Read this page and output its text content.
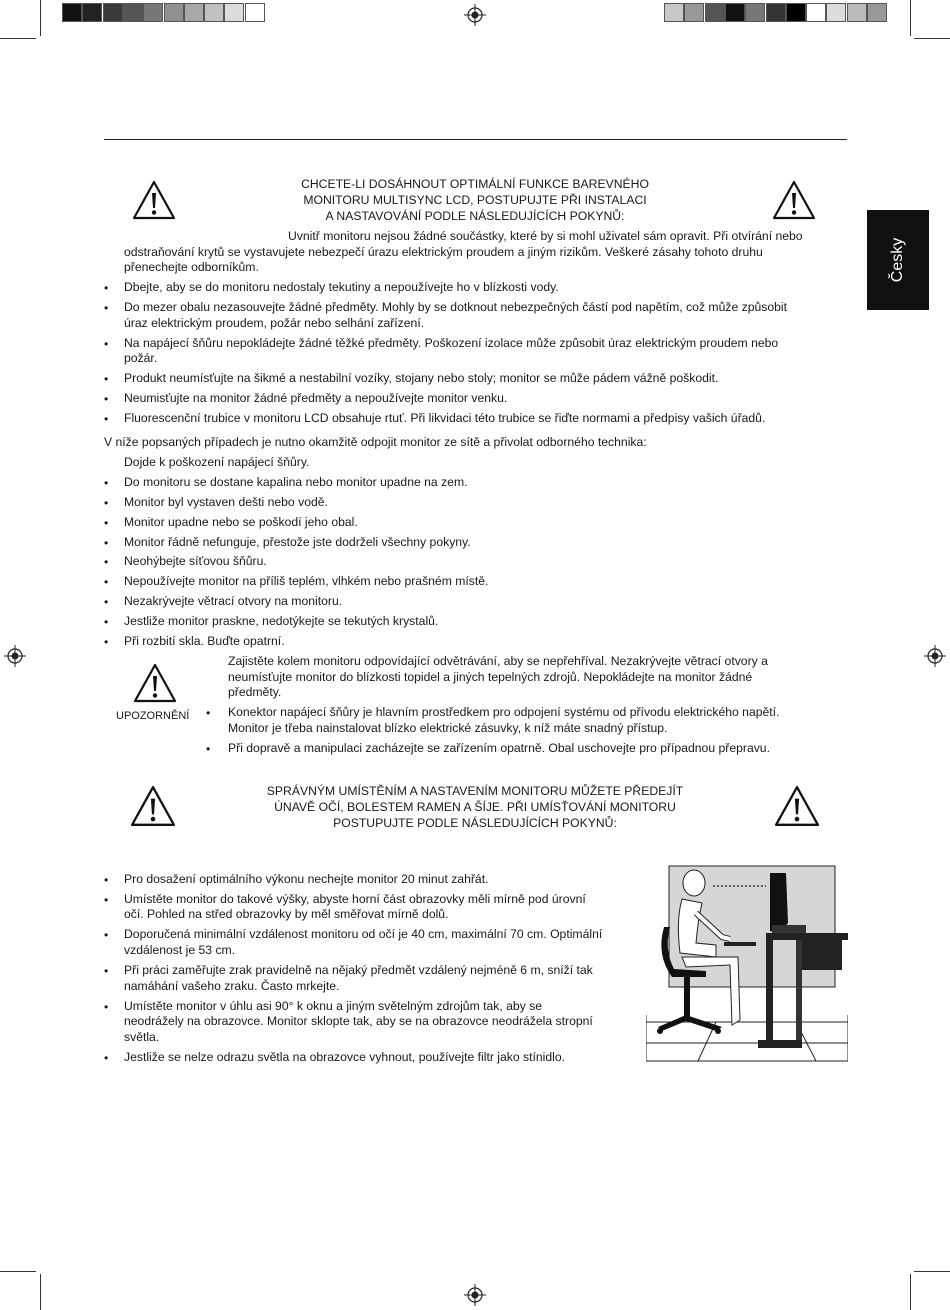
Česky
CHCETE-LI DOSÁHNOUT OPTIMÁLNÍ FUNKCE BAREVNÉHO
MONITORU MULTISYNC LCD, POSTUPUJTE PŘI INSTALACI
A NASTAVOVÁNÍ PODLE NÁSLEDUJÍCÍCH POKYNŮ:
Uvnitř monitoru nejsou žádné součástky, které by si mohl uživatel sám opravit. Při otvírání nebo
odstraňování krytů se vystavujete nebezpečí úrazu elektrickým proudem a jiným rizikům. Veškeré zásahy tohoto druhu
přenechejte odborníkům.
• Dbejte, aby se do monitoru nedostaly tekutiny a nepoužívejte ho v blízkosti vody.
• Do mezer obalu nezasouvejte žádné předměty. Mohly by se dotknout nebezpečných částí pod napětím, což může způsobit
úraz elektrickým proudem, požár nebo selhání zařízení.
• Na napájecí šňůru nepokládejte žádné těžké předměty. Poškození izolace může způsobit úraz elektrickým proudem nebo
požár.
• Produkt neumísťujte na šikmé a nestabilní vozíky, stojany nebo stoly; monitor se může pádem vážně poškodit.
• Neumisťujte na monitor žádné předměty a nepoužívejte monitor venku.
• Fluorescenční trubice v monitoru LCD obsahuje rtuť. Při likvidaci této trubice se řiďte normami a předpisy vašich úřadů.
V níže popsaných případech je nutno okamžitě odpojit monitor ze sítě a přivolat odborného technika:
Dojde k poškození napájecí šňůry.
• Do monitoru se dostane kapalina nebo monitor upadne na zem.
• Monitor byl vystaven dešti nebo vodě.
• Monitor upadne nebo se poškodí jeho obal.
• Monitor řádně nefunguje, přestože jste dodrželi všechny pokyny.
• Neohýbejte síťovou šňůru.
• Nepoužívejte monitor na příliš teplém, vlhkém nebo prašném místě.
• Nezakrývejte větrací otvory na monitoru.
• Jestliže monitor praskne, nedotýkejte se tekutých krystalů.
• Při rozbití skla. Buďte opatrní.
UPOZORNĚNÍ
Zajistěte kolem monitoru odpovídající odvětrávání, aby se nepřehříval. Nezakrývejte větrací otvory a
neumísťujte monitor do blízkosti topidel a jiných tepelných zdrojů. Nepokládejte na monitor žádné
předměty.
• Konektor napájecí šňůry je hlavním prostředkem pro odpojení systému od přívodu elektrického napětí.
Monitor je třeba nainstalovat blízko elektrické zásuvky, k níž máte snadný přístup.
• Při dopravě a manipulaci zacházejte se zařízením opatrně. Obal uschovejte pro případnou přepravu.
SPRÁVNÝM UMÍSTĚNÍM A NASTAVENÍM MONITORU MŮŽETE PŘEDEJÍT
ÚNAVĚ OČÍ, BOLESTEM RAMEN A ŠÍJE. PŘI UMÍSŤOVÁNÍ MONITORU
POSTUPUJTE PODLE NÁSLEDUJÍCÍCH POKYNŮ:
• Pro dosažení optimálního výkonu nechejte monitor 20 minut zahřát.
• Umístěte monitor do takové výšky, abyste horní část obrazovky měli mírně pod úrovní
očí. Pohled na střed obrazovky by měl směřovat mírně dolů.
• Doporučená minimální vzdálenost monitoru od očí je 40 cm, maximální 70 cm. Optimální
vzdálenost je 53 cm.
• Při práci zaměřujte zrak pravidelně na nějaký předmět vzdálený nejméně 6 m, sníží tak
namáhání vašeho zraku. Často mrkejte.
• Umístěte monitor v úhlu asi 90° k oknu a jiným světelným zdrojům tak, aby se
neodrážely na obrazovce. Monitor sklopte tak, aby se na obrazovce neodrážela stropní
světla.
• Jestliže se nelze odrazu světla na obrazovce vyhnout, používejte filtr jako stínidlo.
